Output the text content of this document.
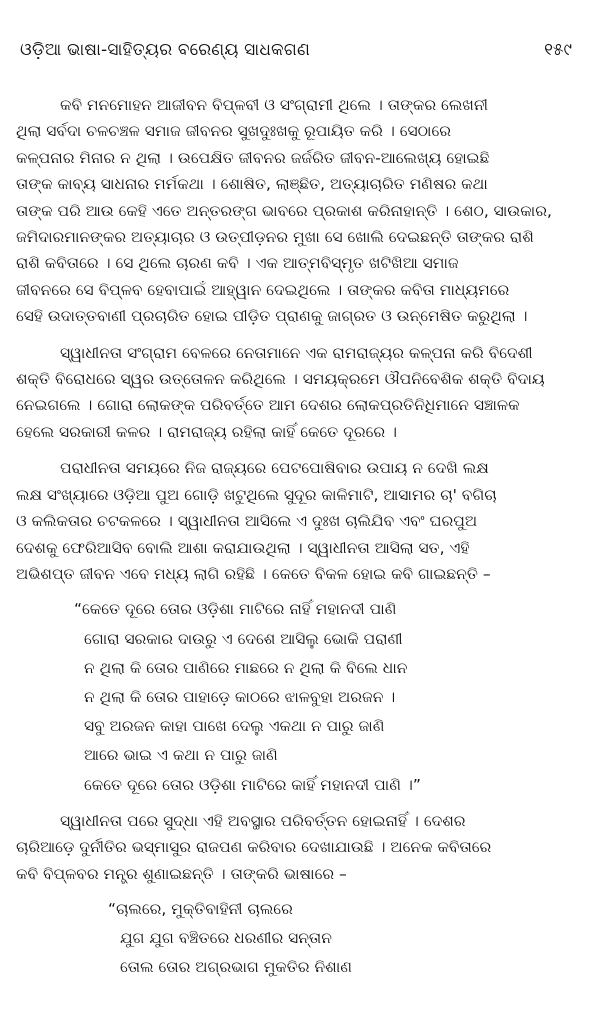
ଓଡ଼ିଆ ଭାଷା-ସାହିତ୍ୟର ବରେଣ୍ୟ ସାଧକଗଣ	୧୫୯
କବି ମନମୋହନ ଆଜୀବନ ବିପ୍ଳବୀ ଓ ସଂଗ୍ରାମୀ ଥିଲେ । ତାଙ୍କର ଲେଖନୀ
ଥିଲା ସର୍ବଦା ଚଳଚଞ୍ଚଳ ସମାଜ ଜୀବନର ସୁଖଦୁଃଖକୁ ରୂପାୟିତ କରି । ସେଠାରେ
କଳ୍ପନାର ମିନାର ନ ଥିଲା । ଉପେକ୍ଷିତ ଜୀବନର ଜର୍ଜରିତ ଜୀବନ-ଆଲେଖ୍ୟ ହୋଇଛି
ତାଙ୍କ କାବ୍ୟ ସାଧନାର ମର୍ମକଥା । ଶୋଷିତ, ଲାଞ୍ଛିତ, ଅତ୍ୟାଚାରିତ ମଣିଷର କଥା
ତାଙ୍କ ପରି ଆଉ କେହି ଏତେ ଅନ୍ତରଙ୍ଗ ଭାବରେ ପ୍ରକାଶ କରିନାହାନ୍ତି । ଶେଠ, ସାଉକାର,
ଜମିଦାରମାନଙ୍କର ଅତ୍ୟାଚାର ଓ ଉତ୍ପୀଡ଼ନର ମୁଖା ସେ ଖୋଲି ଦେଇଛନ୍ତି ତାଙ୍କର ରାଶି
ରାଶି କବିତାରେ । ସେ ଥିଲେ ଚାରଣ କବି । ଏକ ଆତ୍ମବିସ୍ମୃତ ଖଟିଖିଆ ସମାଜ
ଜୀବନରେ ସେ ବିପ୍ଳବ ହେବାପାଇଁ ଆହ୍ୱାନ ଦେଇଥିଲେ । ତାଙ୍କର କବିତା ମାଧ୍ୟମରେ
ସେହି ଉଦାତ୍ତବାଣୀ ପ୍ରଚାରିତ ହୋଇ ପୀଡ଼ିତ ପ୍ରାଣକୁ ଜାଗ୍ରତ ଓ ଉନ୍ମେଷିତ କରୁଥିଲା ।
ସ୍ୱାଧୀନତା ସଂଗ୍ରାମ ବେଳରେ ନେତାମାନେ ଏକ ରାମରାଜ୍ୟର କଳ୍ପନା କରି ବିଦେଶୀ
ଶକ୍ତି ବିରୋଧରେ ସ୍ୱର ଉତ୍ତୋଳନ କରିଥିଲେ । ସମୟକ୍ରମେ ଔପନିବେଶିକ ଶକ୍ତି ବିଦାୟ
ନେଇଗଲେ । ଗୋରା ଲୋକଙ୍କ ପରିବର୍ତ୍ତେ ଆମ ଦେଶର ଲୋକପ୍ରତିନିଧିମାନେ ସଞ୍ଚାଳକ
ହେଲେ ସରକାରୀ କଳର । ରାମରାଜ୍ୟ ରହିଲା କାହିଁ କେତେ ଦୂରରେ ।
ପରାଧୀନତା ସମୟରେ ନିଜ ରାଜ୍ୟରେ ପେଟପୋଷିବାର ଉପାୟ ନ ଦେଖି ଲକ୍ଷ
ଲକ୍ଷ ସଂଖ୍ୟାରେ ଓଡ଼ିଆ ପୁଅ ଗୋଡ଼ି ଖଟୁଥିଲେ ସୁଦୂର କାଳିମାଟି, ଆସାମର ଚା' ବଗିଚା
ଓ କଲିକତାର ଚଟକଳରେ । ସ୍ୱାଧୀନତା ଆସିଲେ ଏ ଦୁଃଖ ଚାଲିଯିବ ଏବଂ ଘରପୁଅ
ଦେଶକୁ ଫେରିଆସିବ ବୋଲି ଆଶା କରାଯାଉଥିଲା । ସ୍ୱାଧୀନତା ଆସିଲା ସତ, ଏହି
ଅଭିଶପ୍ତ ଜୀବନ ଏବେ ମଧ୍ୟ ଲାଗି ରହିଛି । କେତେ ବିକଳ ହୋଇ କବି ଗାଇଛନ୍ତି –
“କେତେ ଦୂରେ ତୋର ଓଡ଼ିଶା ମାଟିରେ ନାହିଁ ମହାନଦୀ ପାଣି
ଗୋରା ସରକାର ଦାଉରୁ ଏ ଦେଶେ ଆସିଲୁ ଭୋକି ପରାଣୀ
ନ ଥିଲା କି ତୋର ପାଣିରେ ମାଛରେ ନ ଥିଲା କି ବିଲେ ଧାନ
ନ ଥିଲା କି ତୋର ପାହାଡ଼େ କାଠରେ ଝାଳବୁହା ଅରଜନ ।
ସବୁ ଅରଜନ କାହା ପାଖେ ଦେଲୁ ଏକଥା ନ ପାରୁ ଜାଣି
ଆରେ ଭାଇ ଏ କଥା ନ ପାରୁ ଜାଣି
କେତେ ଦୂରେ ତୋର ଓଡ଼ିଶା ମାଟିରେ କାହିଁ ମହାନଦୀ ପାଣି ।”
ସ୍ୱାଧୀନତା ପରେ ସୁଦ୍ଧା ଏହି ଅବସ୍ଥାର ପରିବର୍ତ୍ତନ ହୋଇନାହିଁ । ଦେଶର
ଚାରିଆଡ଼େ ଦୁର୍ନୀତିର ଭସ୍ମାସୁର ରାଜପଣ କରିବାର ଦେଖାଯାଉଛି । ଅନେକ କବିତାରେ
କବି ବିପ୍ଳବର ମନ୍ତ୍ର ଶୁଣାଇଛନ୍ତି । ତାଙ୍କରି ଭାଷାରେ –
“ଚାଲରେ, ମୁକ୍ତିବାହିନୀ ଚାଲରେ
ଯୁଗ ଯୁଗ ବଞ୍ଚିତରେ ଧରଣୀର ସନ୍ତାନ
ତୋଲ ତୋର ଅଗ୍ରଭାଗ ମୁକତିର ନିଶାଣ
